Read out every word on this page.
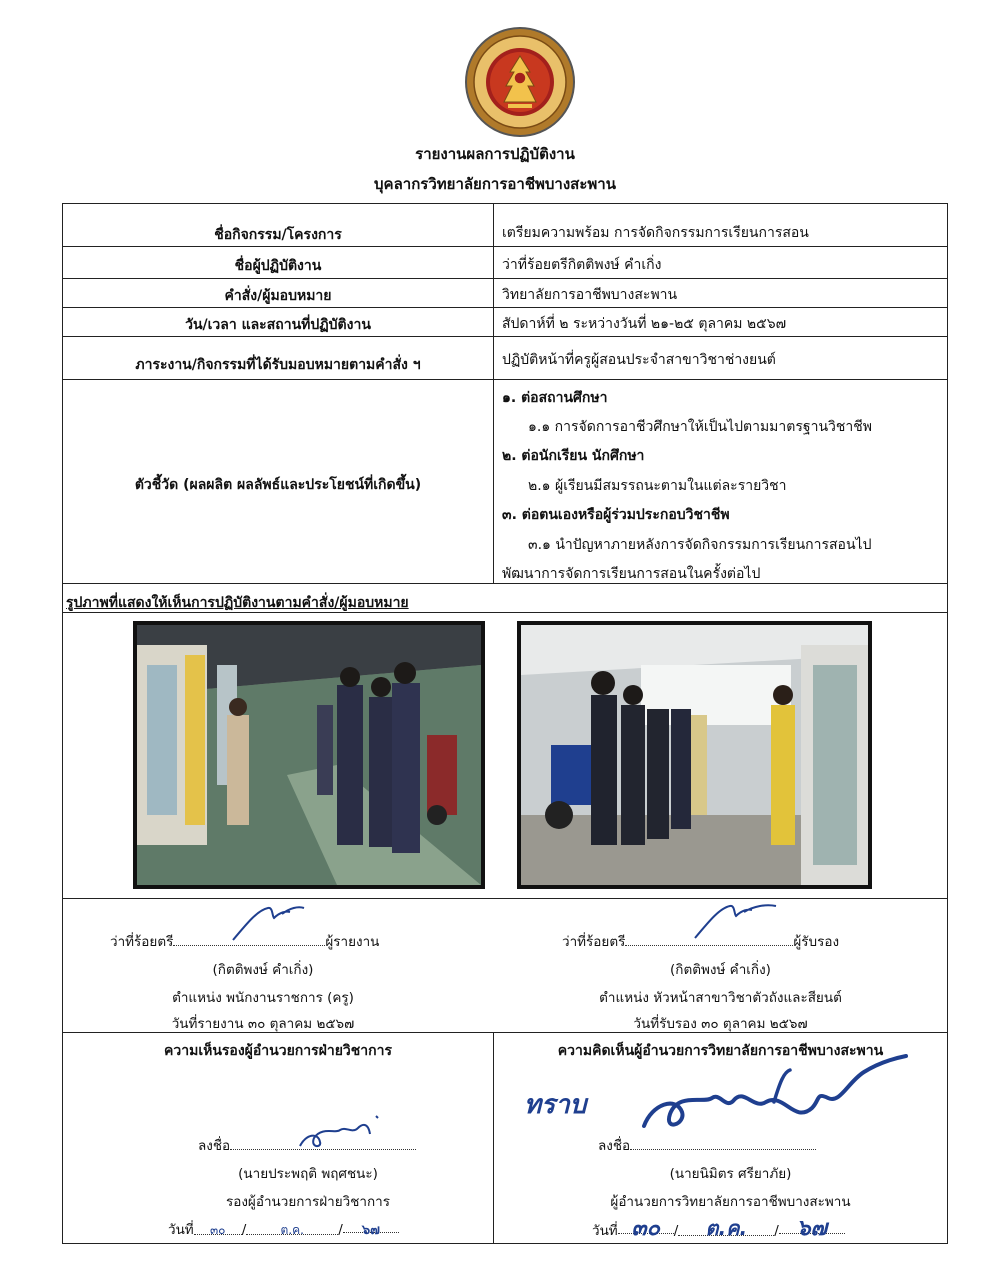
รายงานผลการปฏิบัติงาน
บุคลากรวิทยาลัยการอาชีพบางสะพาน
ชื่อกิจกรรม/โครงการ	เตรียมความพร้อม การจัดกิจกรรมการเรียนการสอน
ชื่อผู้ปฏิบัติงาน	ว่าที่ร้อยตรีกิตติพงษ์ คำเกิ่ง
คำสั่ง/ผู้มอบหมาย	วิทยาลัยการอาชีพบางสะพาน
วัน/เวลา และสถานที่ปฏิบัติงาน	สัปดาห์ที่ ๒ ระหว่างวันที่ ๒๑-๒๕ ตุลาคม ๒๕๖๗
ภาระงาน/กิจกรรมที่ได้รับมอบหมายตามคำสั่ง ฯ	ปฏิบัติหน้าที่ครูผู้สอนประจำสาขาวิชาช่างยนต์
ตัวชี้วัด (ผลผลิต ผลลัพธ์และประโยชน์ที่เกิดขึ้น)
๑. ต่อสถานศึกษา
๑.๑ การจัดการอาชีวศึกษาให้เป็นไปตามมาตรฐานวิชาชีพ
๒. ต่อนักเรียน นักศึกษา
๒.๑ ผู้เรียนมีสมรรถนะตามในแต่ละรายวิชา
๓. ต่อตนเองหรือผู้ร่วมประกอบวิชาชีพ
๓.๑ นำปัญหาภายหลังการจัดกิจกรรมการเรียนการสอนไป
พัฒนาการจัดการเรียนการสอนในครั้งต่อไป
รูปภาพที่แสดงให้เห็นการปฏิบัติงานตามคำสั่ง/ผู้มอบหมาย
ว่าที่ร้อยตรี	ผู้รายงาน
(กิตติพงษ์ คำเกิ่ง)
ตำแหน่ง พนักงานราชการ (ครู)
วันที่รายงาน ๓๐ ตุลาคม ๒๕๖๗
ว่าที่ร้อยตรี	ผู้รับรอง
(กิตติพงษ์ คำเกิ่ง)
ตำแหน่ง หัวหน้าสาขาวิชาตัวถังและสียนต์
วันที่รับรอง ๓๐ ตุลาคม ๒๕๖๗
ความเห็นรองผู้อำนวยการฝ่ายวิชาการ
ลงชื่อ
(นายประพฤติ พฤศชนะ)
รองผู้อำนวยการฝ่ายวิชาการ
วันที่ ๓๐ /	ต.ค.	/ ๖๗
ความคิดเห็นผู้อำนวยการวิทยาลัยการอาชีพบางสะพาน
ทราบ
ลงชื่อ
(นายนิมิตร ศรียาภัย)
ผู้อำนวยการวิทยาลัยการอาชีพบางสะพาน
วันที่ ๓๐ / ต.ค. / ๖๗
